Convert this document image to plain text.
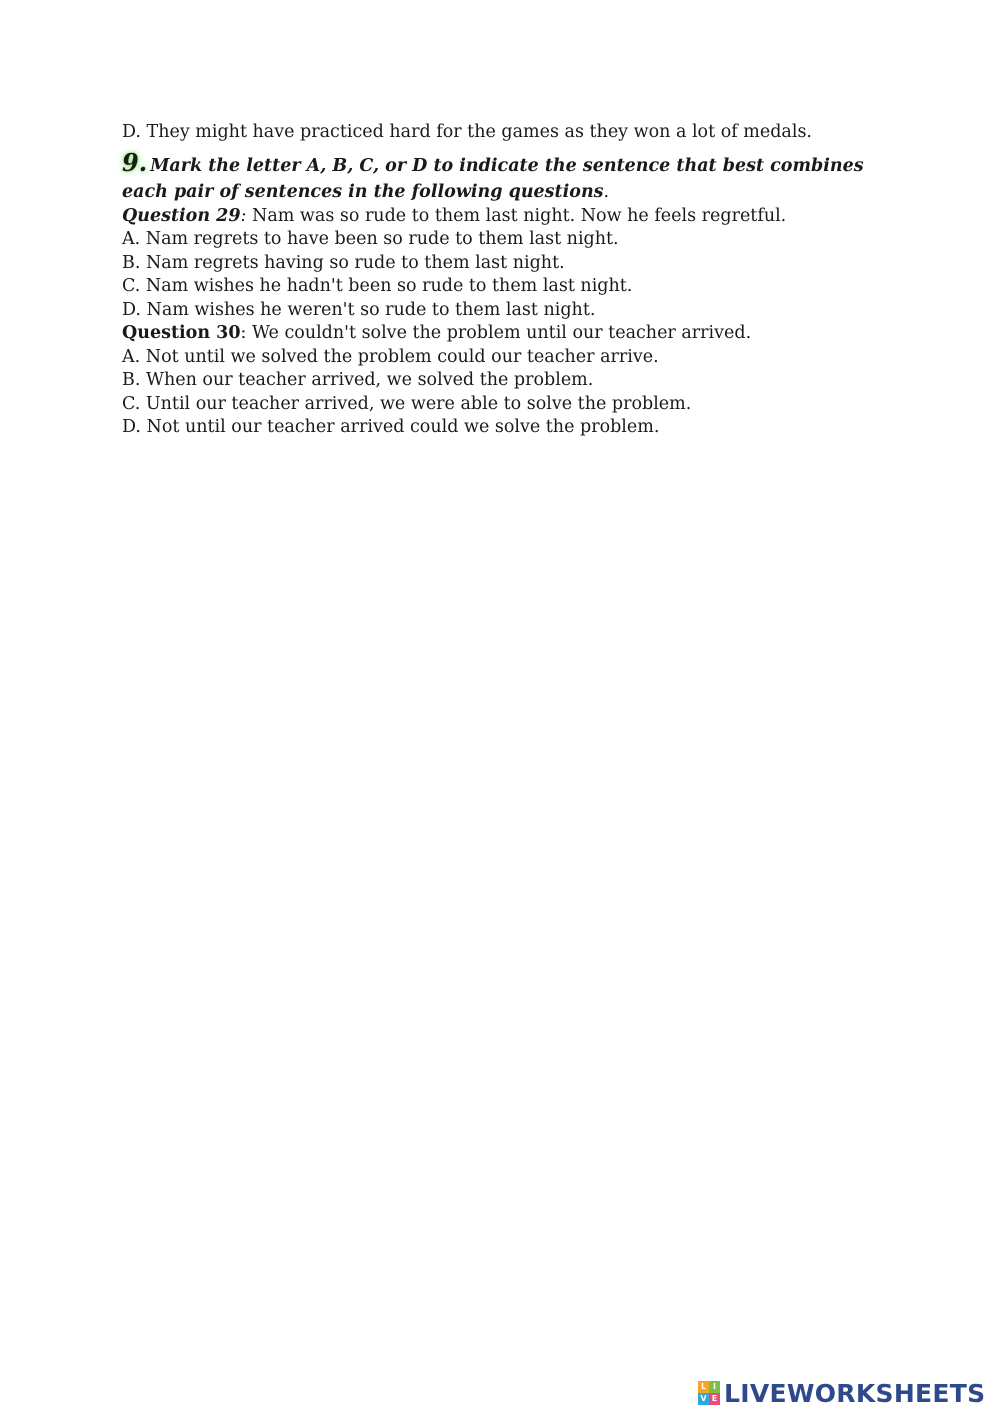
D. They might have practiced hard for the games as they won a lot of medals.

9. Mark the letter A, B, C, or D to indicate the sentence that best combines each pair of sentences in the following questions.

Question 29: Nam was so rude to them last night. Now he feels regretful.

A. Nam regrets to have been so rude to them last night.

B. Nam regrets having so rude to them last night.

C. Nam wishes he hadn't been so rude to them last night.

D. Nam wishes he weren't so rude to them last night.

Question 30: We couldn't solve the problem until our teacher arrived.

A. Not until we solved the problem could our teacher arrive.

B. When our teacher arrived, we solved the problem.

C. Until our teacher arrived, we were able to solve the problem.

D. Not until our teacher arrived could we solve the problem.

L I
V E LIVEWORKSHEETS
